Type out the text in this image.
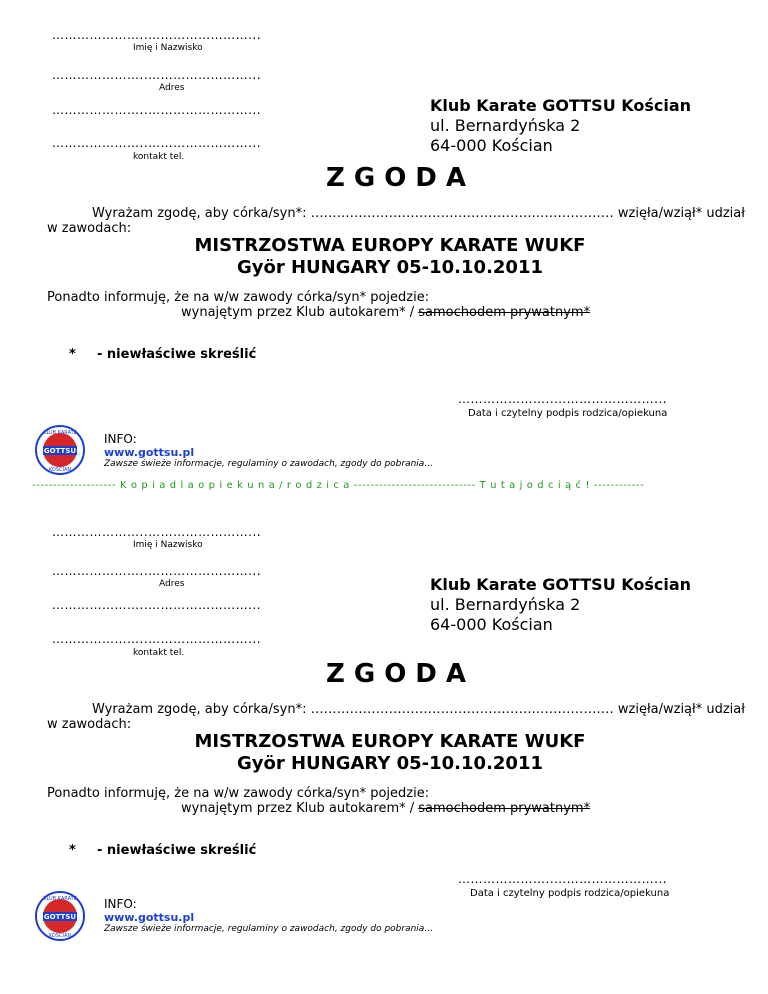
…………………..……………………...
Imię i Nazwisko
…………………..……………………...
Adres
…………………..……………………...
…………………..……………………...
kontakt tel.
Klub Karate GOTTSU Kościan
ul. Bernardyńska 2
64-000 Kościan
ZGODA
Wyrażam zgodę, aby córka/syn*: …………………………………………….……………… wzięła/wziął* udział
w zawodach:
MISTRZOSTWA EUROPY KARATE WUKF
Györ HUNGARY 05-10.10.2011
Ponadto informuję, że na w/w zawody córka/syn* pojedzie:
wynajętym przez Klub autokarem* / samochodem prywatnym*
* - niewłaściwe skreślić
…………………..……………………...
Data i czytelny podpis rodzica/opiekuna
GOTTSU
KLUB KARATE
KOŚCIAN
INFO:
www.gottsu.pl
Zawsze świeże informacje, regulaminy o zawodach, zgody do pobrania…
-------------------- K o p i a d l a o p i e k u n a / r o d z i c a ----------------------------- T u t a j o d c i ą ć ! ------------
…………………..……………………...
Imię i Nazwisko
…………………..……………………...
Adres
…………………..……………………...
…………………..……………………...
kontakt tel.
Klub Karate GOTTSU Kościan
ul. Bernardyńska 2
64-000 Kościan
ZGODA
Wyrażam zgodę, aby córka/syn*: …………………………………………….……………… wzięła/wziął* udział
w zawodach:
MISTRZOSTWA EUROPY KARATE WUKF
Györ HUNGARY 05-10.10.2011
Ponadto informuję, że na w/w zawody córka/syn* pojedzie:
wynajętym przez Klub autokarem* / samochodem prywatnym*
* - niewłaściwe skreślić
…………………..……………………...
Data i czytelny podpis rodzica/opiekuna
GOTTSU
KLUB KARATE
KOŚCIAN
INFO:
www.gottsu.pl
Zawsze świeże informacje, regulaminy o zawodach, zgody do pobrania…
